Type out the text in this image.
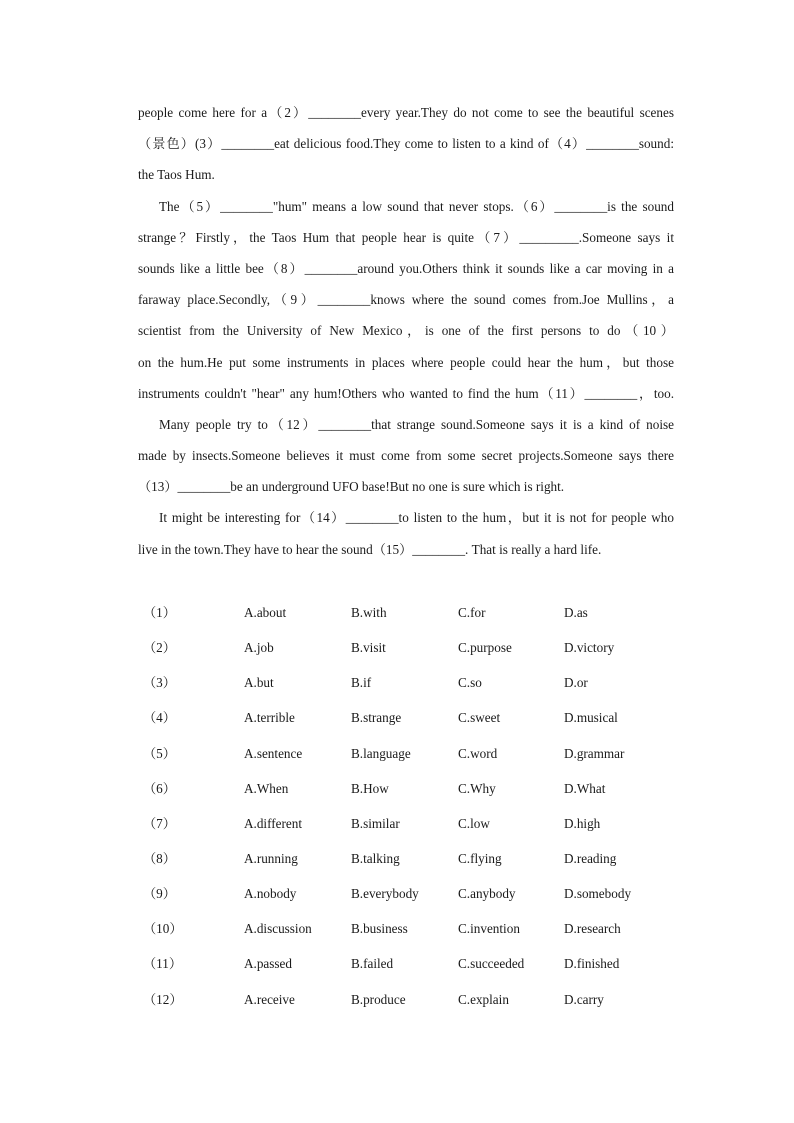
people come here for a（2）________every year.They do not come to see the beautiful scenes
（景色）(3）________eat delicious food.They come to listen to a kind of（4）________sound:
the Taos Hum.
The（5）________"hum" means a low sound that never stops.（6）________is the sound
strange？Firstly，the Taos Hum that people hear is quite（7）_________.Someone says it
sounds like a little bee（8）________around you.Others think it sounds like a car moving in a
faraway place.Secondly,（9）________knows where the sound comes from.Joe Mullins，a
scientist from the University of New Mexico，is one of the first persons to do（10）
on the hum.He put some instruments in places where people could hear the hum，but those
instruments couldn't "hear" any hum!Others who wanted to find the hum（11）________，too.
Many people try to（12）________that strange sound.Someone says it is a kind of noise
made by insects.Someone believes it must come from some secret projects.Someone says there
（13）________be an underground UFO base!But no one is sure which is right.
It might be interesting for（14）________to listen to the hum，but it is not for people who
live in the town.They have to hear the sound（15）________. That is really a hard life.
（1）	A.about	B.with	C.for	D.as
（2）	A.job	B.visit	C.purpose	D.victory
（3）	A.but	B.if	C.so	D.or
（4）	A.terrible	B.strange	C.sweet	D.musical
（5）	A.sentence	B.language	C.word	D.grammar
（6）	A.When	B.How	C.Why	D.What
（7）	A.different	B.similar	C.low	D.high
（8）	A.running	B.talking	C.flying	D.reading
（9）	A.nobody	B.everybody	C.anybody	D.somebody
（10）	A.discussion	B.business	C.invention	D.research
（11）	A.passed	B.failed	C.succeeded	D.finished
（12）	A.receive	B.produce	C.explain	D.carry
